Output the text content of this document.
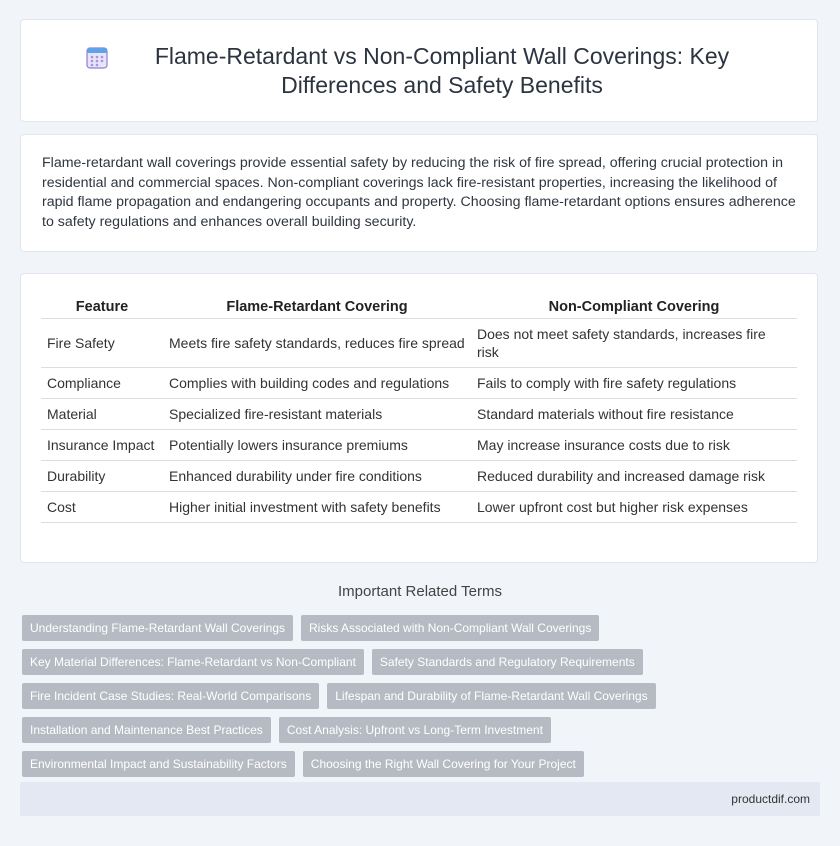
Flame-Retardant vs Non-Compliant Wall Coverings: Key Differences and Safety Benefits

Flame-retardant wall coverings provide essential safety by reducing the risk of fire spread, offering crucial protection in residential and commercial spaces. Non-compliant coverings lack fire-resistant properties, increasing the likelihood of rapid flame propagation and endangering occupants and property. Choosing flame-retardant options ensures adherence to safety regulations and enhances overall building security.

Feature	Flame-Retardant Covering	Non-Compliant Covering
Fire Safety	Meets fire safety standards, reduces fire spread	Does not meet safety standards, increases fire risk
Compliance	Complies with building codes and regulations	Fails to comply with fire safety regulations
Material	Specialized fire-resistant materials	Standard materials without fire resistance
Insurance Impact	Potentially lowers insurance premiums	May increase insurance costs due to risk
Durability	Enhanced durability under fire conditions	Reduced durability and increased damage risk
Cost	Higher initial investment with safety benefits	Lower upfront cost but higher risk expenses
Important Related Terms
Understanding Flame-Retardant Wall Coverings	Risks Associated with Non-Compliant Wall Coverings
Key Material Differences: Flame-Retardant vs Non-Compliant	Safety Standards and Regulatory Requirements
Fire Incident Case Studies: Real-World Comparisons	Lifespan and Durability of Flame-Retardant Wall Coverings
Installation and Maintenance Best Practices	Cost Analysis: Upfront vs Long-Term Investment
Environmental Impact and Sustainability Factors	Choosing the Right Wall Covering for Your Project
productdif.com
